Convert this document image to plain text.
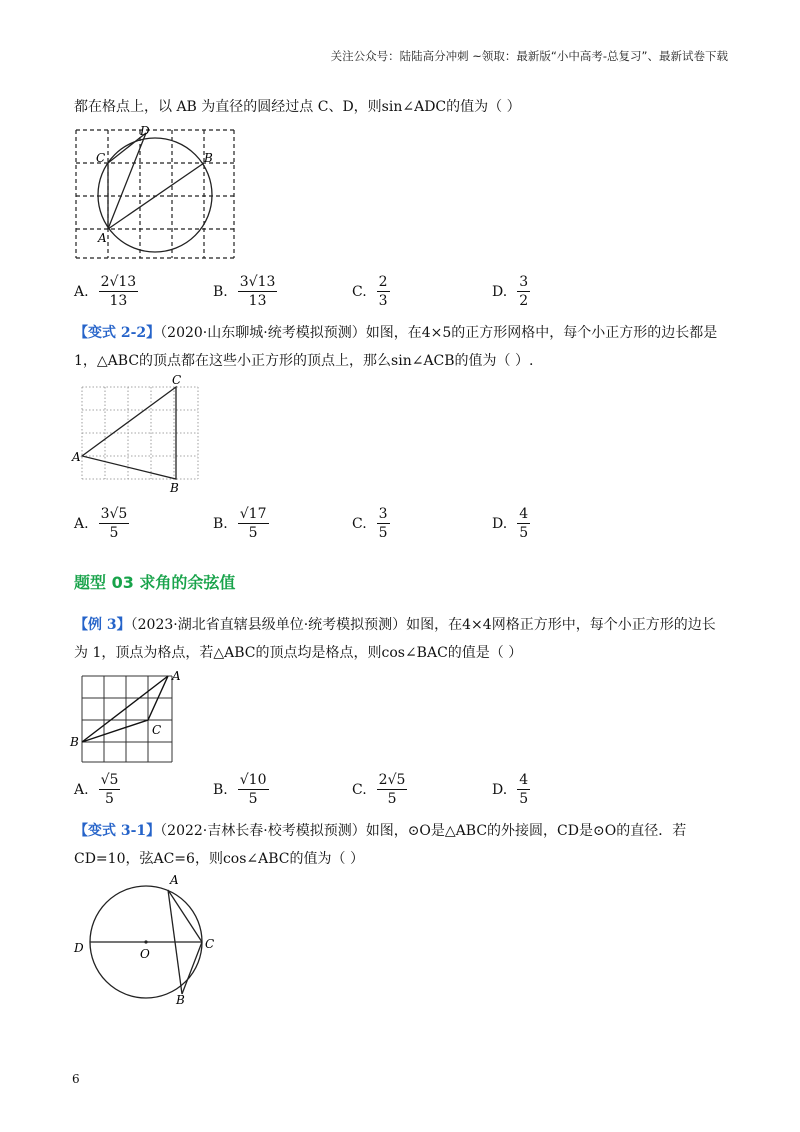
关注公众号：陆陆高分冲刺 ~领取：最新版“小中高考-总复习”、最新试卷下载
都在格点上，以 AB 为直径的圆经过点 C、D，则sin∠ADC的值为（ ）
D
C	B
A
A. $\frac{2√13}{13}$	B. $\frac{3√13}{13}$	C. $\frac{2}{3}$	D. $\frac{3}{2}$
【变式 2-2】（2020·山东聊城·统考模拟预测）如图，在4×5的正方形网格中，每个小正方形的边长都是
1，△ABC的顶点都在这些小正方形的顶点上，那么sin∠ACB的值为（ ）.
C
A
B
A. $\frac{3√5}{5}$	B. $\frac{√17}{5}$	C. $\frac{3}{5}$	D. $\frac{4}{5}$
题型 03 求角的余弦值
【例 3】（2023·湖北省直辖县级单位·统考模拟预测）如图，在4×4网格正方形中，每个小正方形的边长
为 1，顶点为格点，若△ABC的顶点均是格点，则cos∠BAC的值是（ ）
A
B
C
A. $\frac{√5}{5}$	B. $\frac{√10}{5}$	C. $\frac{2√5}{5}$	D. $\frac{4}{5}$
【变式 3-1】（2022·吉林长春·校考模拟预测）如图，⊙O是△ABC的外接圆，CD是⊙O的直径．若
CD=10，弦AC=6，则cos∠ABC的值为（ ）
A
D	O
C
B
6
